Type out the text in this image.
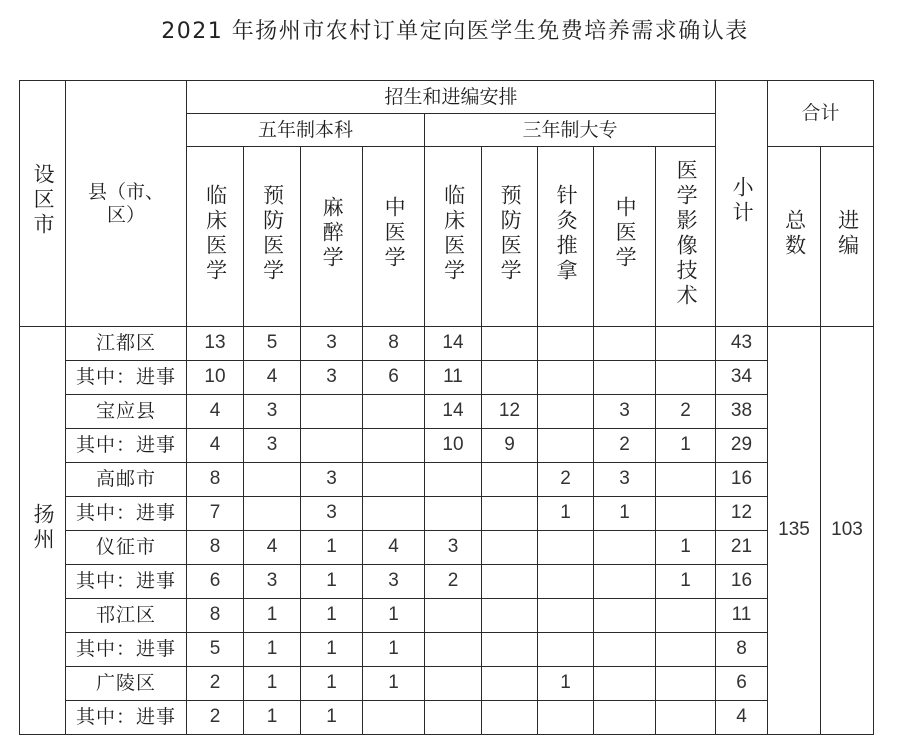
2021 年扬州市农村订单定向医学生免费培养需求确认表
设区市	县（市、区）	招生和进编安排									小计	合计	
		五年制本科				三年制大专							
		临床医学	预防医学	麻醉学	中医学	临床医学	预防医学	针灸推拿	中医学	医学影像技术		总数	进编
扬州	江都区	13	5	3	8	14					43	135	103
	其中：进事	10	4	3	6	11					34		
	宝应县	4	3			14	12		3	2	38		
	其中：进事	4	3			10	9		2	1	29		
	高邮市	8		3				2	3		16		
	其中：进事	7		3				1	1		12		
	仪征市	8	4	1	4	3				1	21		
	其中：进事	6	3	1	3	2				1	16		
	邗江区	8	1	1	1						11		
	其中：进事	5	1	1	1						8		
	广陵区	2	1	1	1			1			6		
	其中：进事	2	1	1							4		
